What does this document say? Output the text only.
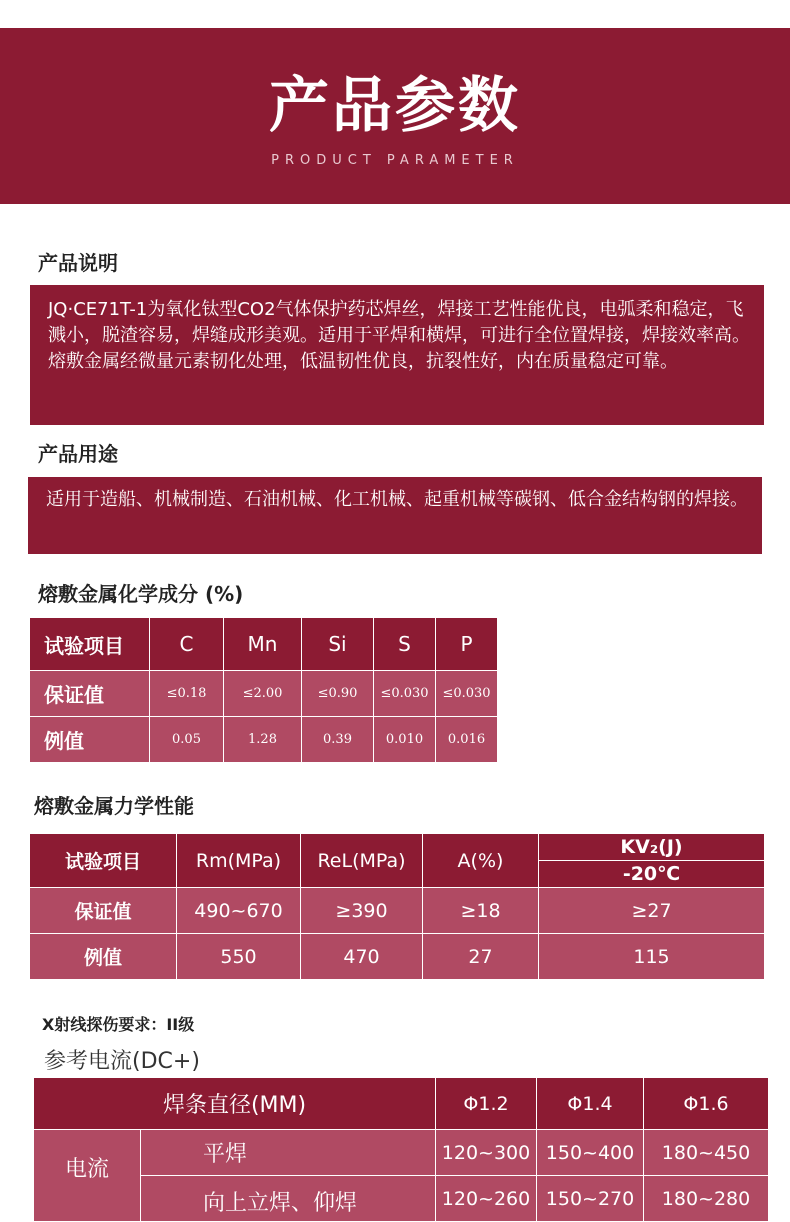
产品参数
PRODUCT PARAMETER
产品说明
JQ·CE71T-1为氧化钛型CO2气体保护药芯焊丝，焊接工艺性能优良，电弧柔和稳定，飞溅小，脱渣容易，焊缝成形美观。适用于平焊和横焊，可进行全位置焊接，焊接效率高。熔敷金属经微量元素韧化处理，低温韧性优良，抗裂性好，内在质量稳定可靠。
产品用途
适用于造船、机械制造、石油机械、化工机械、起重机械等碳钢、低合金结构钢的焊接。
熔敷金属化学成分 (%)
试验项目	C	Mn	Si	S	P
保证值	≤0.18	≤2.00	≤0.90	≤0.030	≤0.030
例值	0.05	1.28	0.39	0.010	0.016
熔敷金属力学性能
试验项目	Rm(MPa)	ReL(MPa)	A(%)	KV₂(J)
-20℃

保证值	490~670	≥390	≥18	≥27
例值	550	470	27	115
X射线探伤要求：II级
参考电流(DC+)
焊条直径(MM)		Φ1.2	Φ1.4	Φ1.6
电流	平焊	120~300	150~400	180~450
	向上立焊、仰焊	120~260	150~270	180~280
